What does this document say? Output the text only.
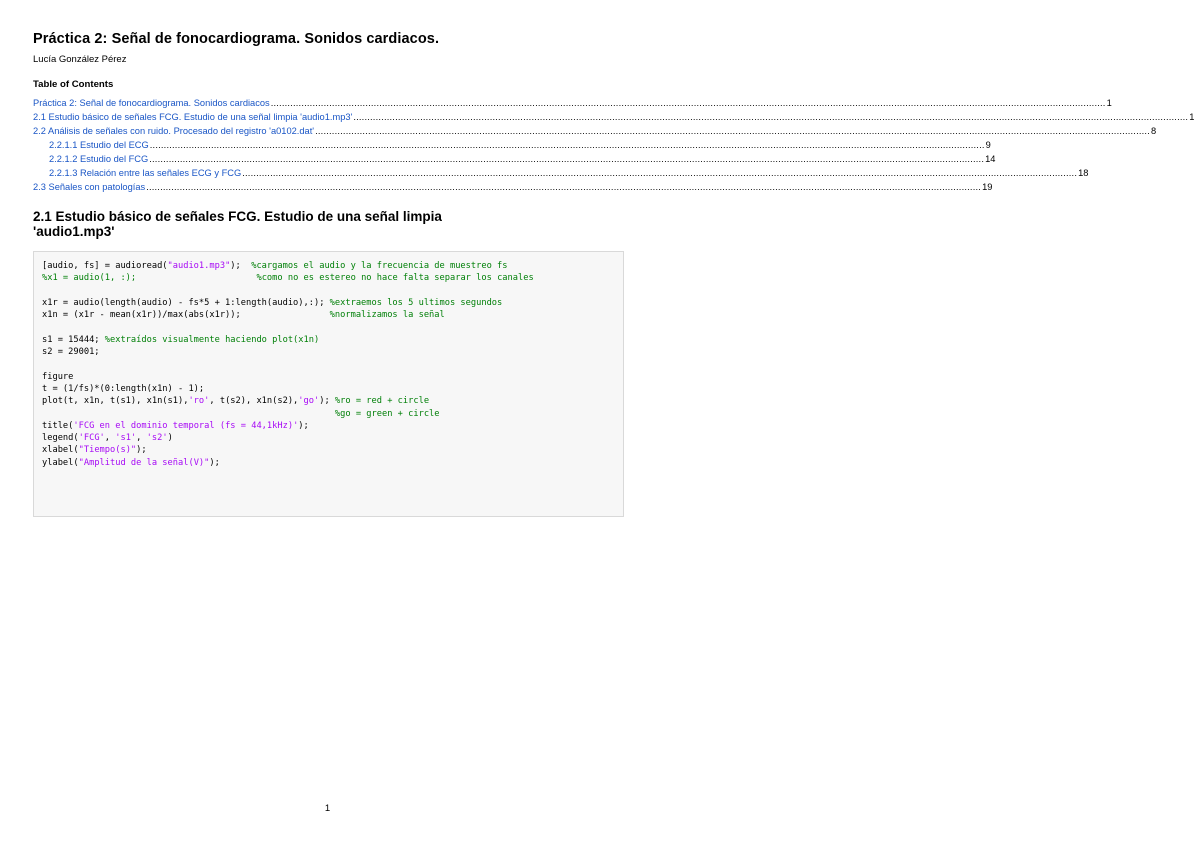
Práctica 2: Señal de fonocardiograma. Sonidos cardiacos.
Lucía González Pérez
Table of Contents
Práctica 2: Señal de fonocardiograma. Sonidos cardiacos ............................................................................................................................................................................................................................................................................................................ 1
2.1 Estudio básico de señales FCG. Estudio de una señal limpia 'audio1.mp3' ............................................................................................................................................................................................................................................................................................................ 1
2.2 Análisis de señales con ruido. Procesado del registro 'a0102.dat' ............................................................................................................................................................................................................................................................................................................ 8
2.2.1.1 Estudio del ECG ............................................................................................................................................................................................................................................................................................................ 9
2.2.1.2 Estudio del FCG ............................................................................................................................................................................................................................................................................................................ 14
2.2.1.3 Relación entre las señales ECG y FCG ............................................................................................................................................................................................................................................................................................................ 18
2.3 Señales con patologías ............................................................................................................................................................................................................................................................................................................ 19
2.1 Estudio básico de señales FCG. Estudio de una señal limpia
'audio1.mp3'
[audio, fs] = audioread("audio1.mp3");  %cargamos el audio y la frecuencia de muestreo fs
%x1 = audio(1, :);	%como no es estereo no hace falta separar los canales

x1r = audio(length(audio) - fs*5 + 1:length(audio),:); %extraemos los 5 ultimos segundos
x1n = (x1r - mean(x1r))/max(abs(x1r));                 %normalizamos la señal

s1 = 15444; %extraídos visualmente haciendo plot(x1n)
s2 = 29001;

figure
t = (1/fs)*(0:length(x1n) - 1);
plot(t, x1n, t(s1), x1n(s1),'ro', t(s2), x1n(s2),'go'); %ro = red + circle
%go = green + circle
title('FCG en el dominio temporal (fs = 44,1kHz)');
legend('FCG', 's1', 's2')
xlabel("Tiempo(s)");
ylabel("Amplitud de la señal(V)");
1
